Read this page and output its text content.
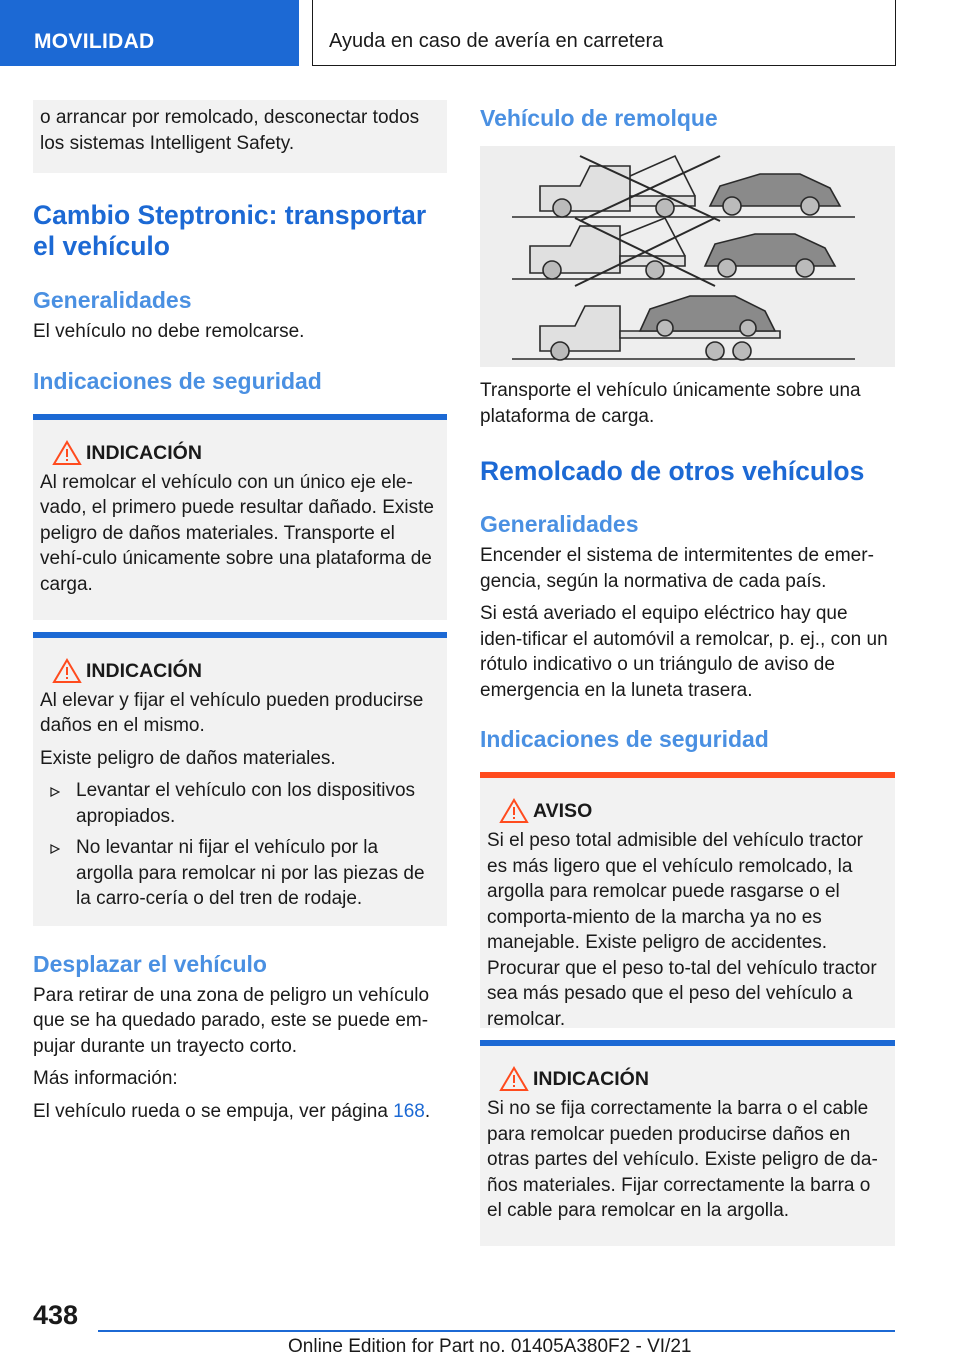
MOVILIDAD	Ayuda en caso de avería en carretera

o arrancar por remolcado, desconectar todos los sistemas Intelligent Safety.

Cambio Steptronic: transportar el vehículo
Generalidades

El vehículo no debe remolcarse.

Indicaciones de seguridad
INDICACIÓN

Al remolcar el vehículo con un único eje ele-vado, el primero puede resultar dañado. Existe peligro de daños materiales. Transporte el vehí-culo únicamente sobre una plataforma de carga.

INDICACIÓN

Al elevar y fijar el vehículo pueden producirse daños en el mismo.

Existe peligro de daños materiales.

Levantar el vehículo con los dispositivos apropiados.
No levantar ni fijar el vehículo por la argolla para remolcar ni por las piezas de la carro-cería o del tren de rodaje.
Desplazar el vehículo

Para retirar de una zona de peligro un vehículo que se ha quedado parado, este se puede em-pujar durante un trayecto corto.

Más información:

El vehículo rueda o se empuja, ver página 168.

Vehículo de remolque

Transporte el vehículo únicamente sobre una plataforma de carga.

Remolcado de otros vehículos
Generalidades

Encender el sistema de intermitentes de emer-gencia, según la normativa de cada país.

Si está averiado el equipo eléctrico hay que iden-tificar el automóvil a remolcar, p. ej., con un rótulo indicativo o un triángulo de aviso de emergencia en la luneta trasera.

Indicaciones de seguridad
AVISO

Si el peso total admisible del vehículo tractor es más ligero que el vehículo remolcado, la argolla para remolcar puede rasgarse o el comporta-miento de la marcha ya no es manejable. Existe peligro de accidentes. Procurar que el peso to-tal del vehículo tractor sea más pesado que el peso del vehículo a remolcar.

INDICACIÓN

Si no se fija correctamente la barra o el cable para remolcar pueden producirse daños en otras partes del vehículo. Existe peligro de da-ños materiales. Fijar correctamente la barra o el cable para remolcar en la argolla.

438
Online Edition for Part no. 01405A380F2 - VI/21
